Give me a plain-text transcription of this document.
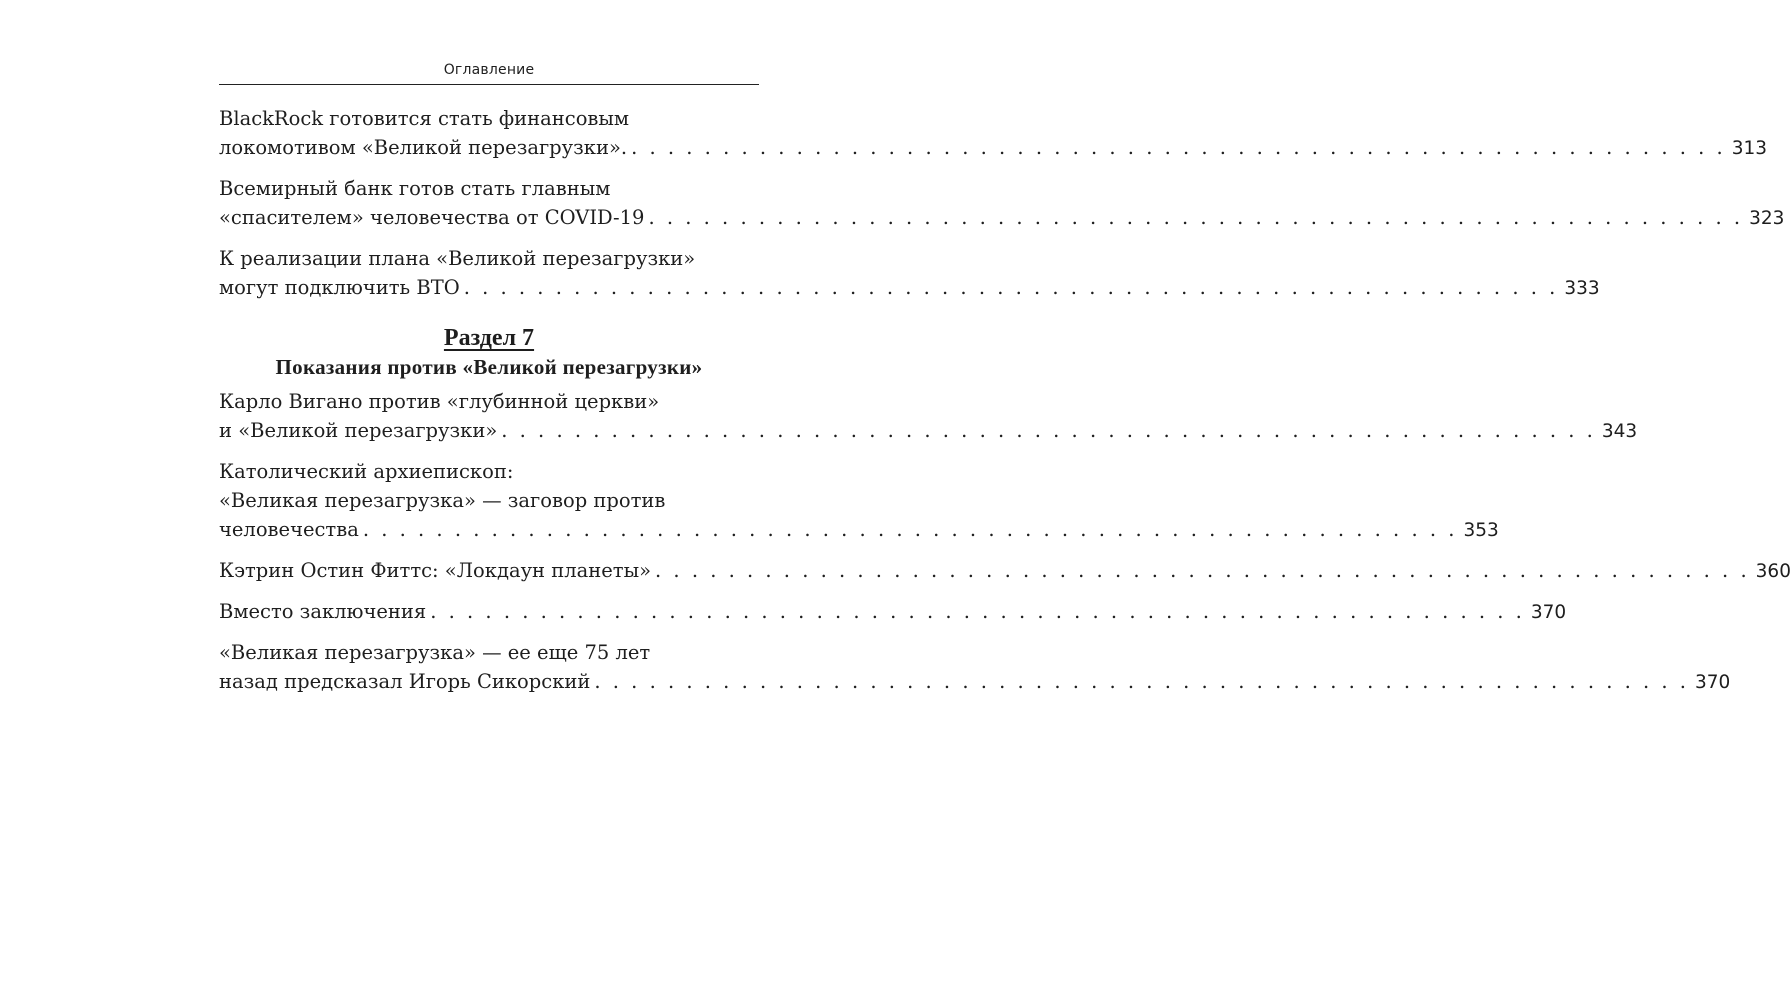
Оглавление
BlackRock готовится стать финансовым
локомотивом «Великой перезагрузки». . . . . . . . . . . . . . . . . . . . . . . . . . . . . . . . . . . . . . . . . . . . . . . . . . . . . . . . . . . . . 313
Всемирный банк готов стать главным
«спасителем» человечества от COVID-19 . . . . . . . . . . . . . . . . . . . . . . . . . . . . . . . . . . . . . . . . . . . . . . . . . . . . . . . . . . . . 323
К реализации плана «Великой перезагрузки»
могут подключить ВТО . . . . . . . . . . . . . . . . . . . . . . . . . . . . . . . . . . . . . . . . . . . . . . . . . . . . . . . . . . . . 333
Раздел 7
Показания против «Великой перезагрузки»
Карло Вигано против «глубинной церкви»
и «Великой перезагрузки» . . . . . . . . . . . . . . . . . . . . . . . . . . . . . . . . . . . . . . . . . . . . . . . . . . . . . . . . . . . . 343
Католический архиепископ:
«Великая перезагрузка» — заговор против
человечества . . . . . . . . . . . . . . . . . . . . . . . . . . . . . . . . . . . . . . . . . . . . . . . . . . . . . . . . . . . . 353
Кэтрин Остин Фиттс: «Локдаун планеты» . . . . . . . . . . . . . . . . . . . . . . . . . . . . . . . . . . . . . . . . . . . . . . . . . . . . . . . . . . . . 360
Вместо заключения . . . . . . . . . . . . . . . . . . . . . . . . . . . . . . . . . . . . . . . . . . . . . . . . . . . . . . . . . . . . 370
«Великая перезагрузка» — ее еще 75 лет
назад предсказал Игорь Сикорский . . . . . . . . . . . . . . . . . . . . . . . . . . . . . . . . . . . . . . . . . . . . . . . . . . . . . . . . . . . . 370
